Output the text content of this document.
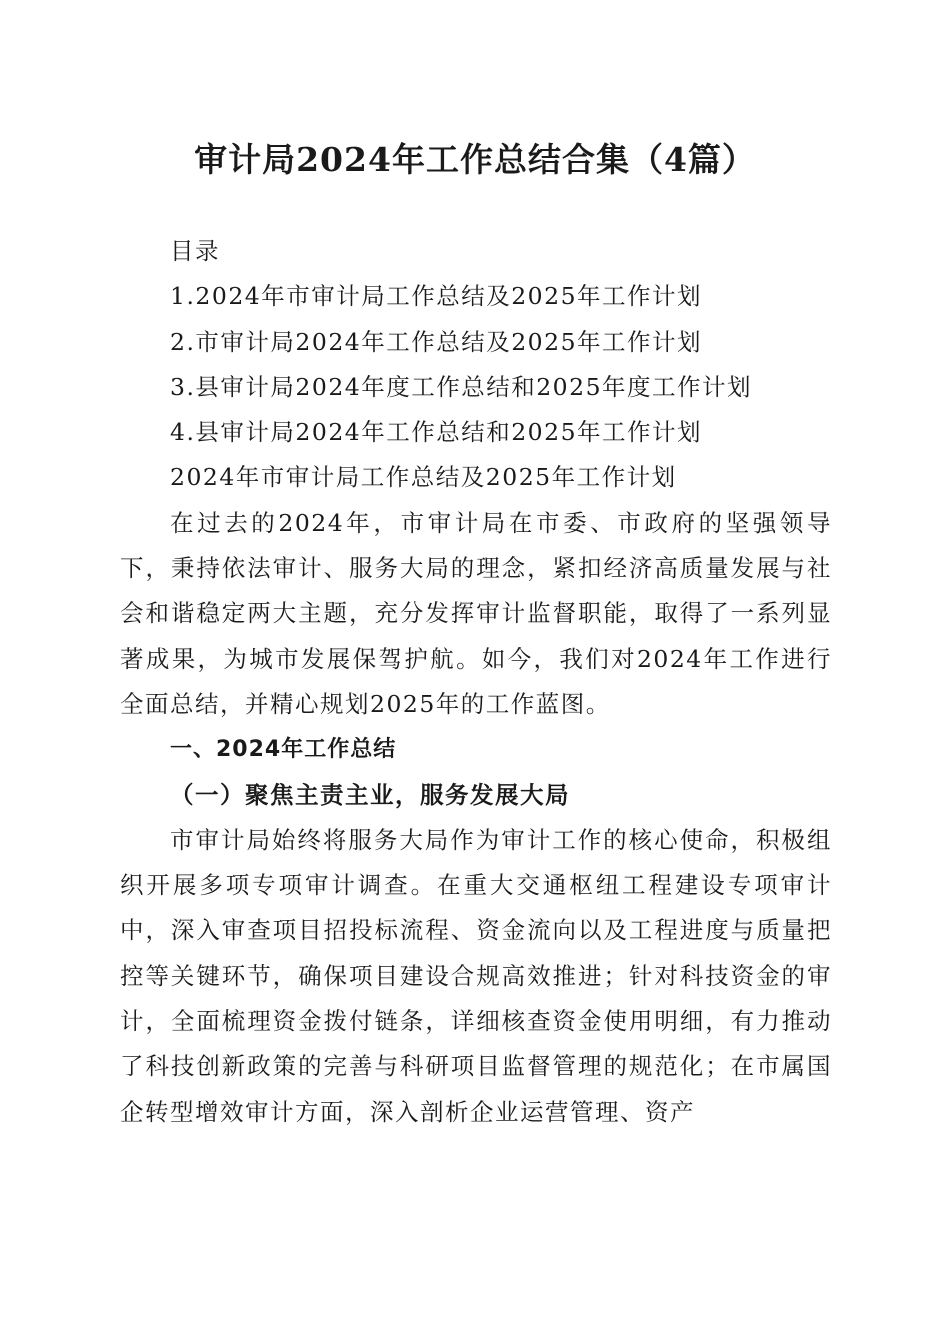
审计局2024年工作总结合集（4篇）
目录
1.2024年市审计局工作总结及2025年工作计划
2.市审计局2024年工作总结及2025年工作计划
3.县审计局2024年度工作总结和2025年度工作计划
4.县审计局2024年工作总结和2025年工作计划
2024年市审计局工作总结及2025年工作计划

在过去的2024年，市审计局在市委、市政府的坚强领导下，秉持依法审计、服务大局的理念，紧扣经济高质量发展与社会和谐稳定两大主题，充分发挥审计监督职能，取得了一系列显著成果，为城市发展保驾护航。如今，我们对2024年工作进行全面总结，并精心规划2025年的工作蓝图。

一、2024年工作总结
（一）聚焦主责主业，服务发展大局

市审计局始终将服务大局作为审计工作的核心使命，积极组织开展多项专项审计调查。在重大交通枢纽工程建设专项审计中，深入审查项目招投标流程、资金流向以及工程进度与质量把控等关键环节，确保项目建设合规高效推进；针对科技资金的审计，全面梳理资金拨付链条，详细核查资金使用明细，有力推动了科技创新政策的完善与科研项目监督管理的规范化；在市属国企转型增效审计方面，深入剖析企业运营管理、资产
